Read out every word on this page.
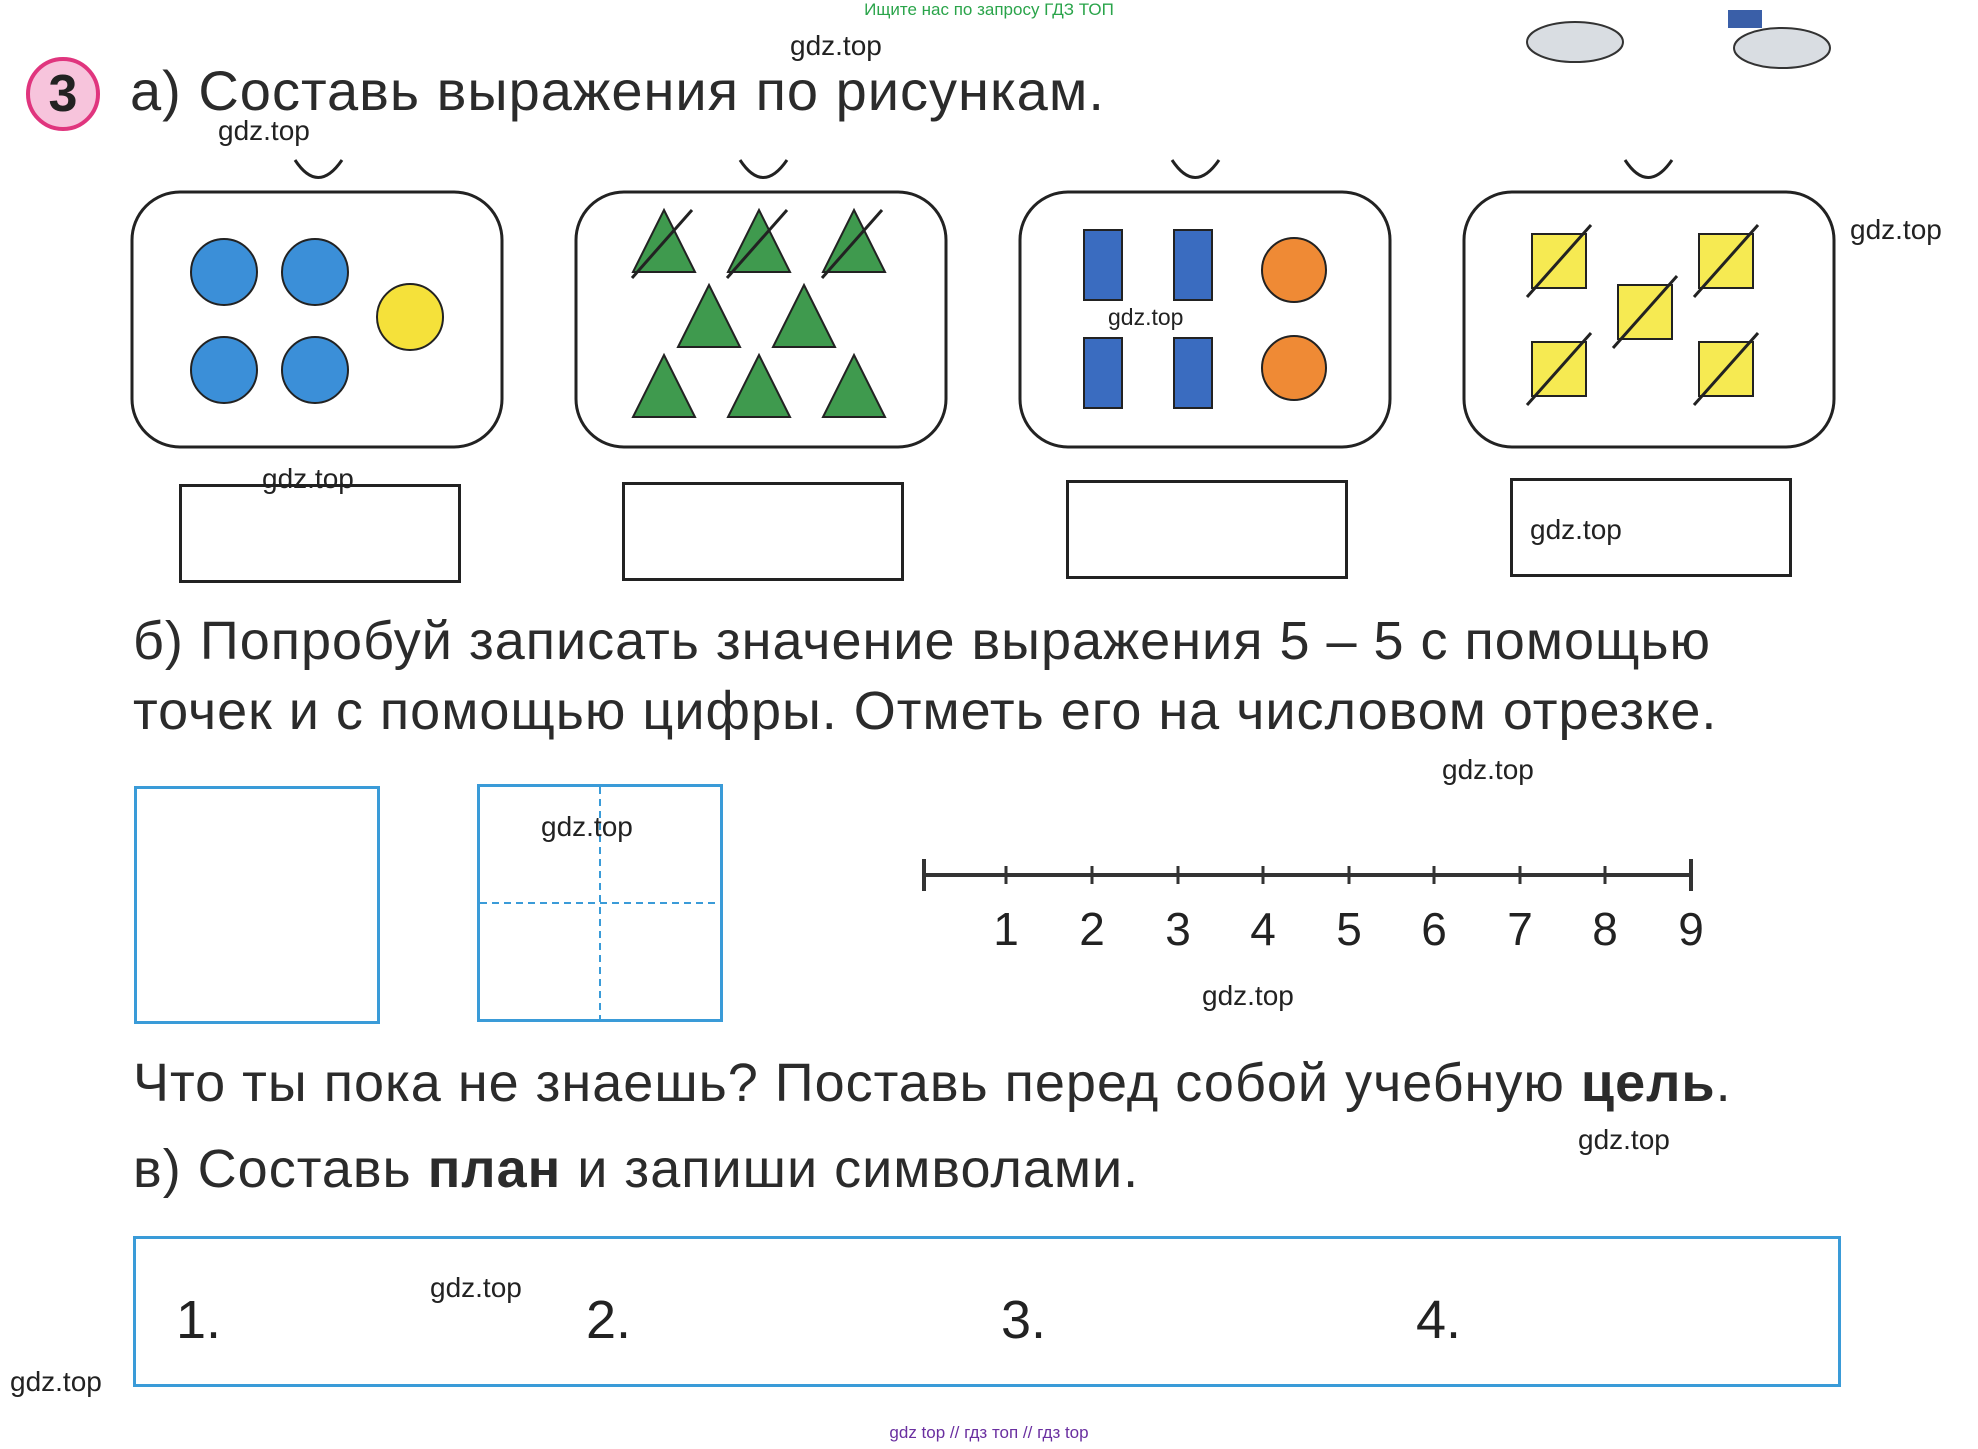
Ищите нас по запросу ГДЗ ТОП
3 а) Составь выражения по рисункам.
б) Попробуй записать значение выражения 5 – 5 с помощью
точек и с помощью цифры. Отметь его на числовом отрезке.
1 2 3 4 5 6 7 8 9
Что ты пока не знаешь? Поставь перед собой учебную цель.
в) Составь план и запиши символами.
1.	2.	3.	4.
gdz.top
gdz.top
gdz.top
gdz.top
gdz.top
gdz.top
gdz.top
gdz.top
gdz.top
gdz.top
gdz.top
gdz.top
gdz top // гдз топ // гдз top
